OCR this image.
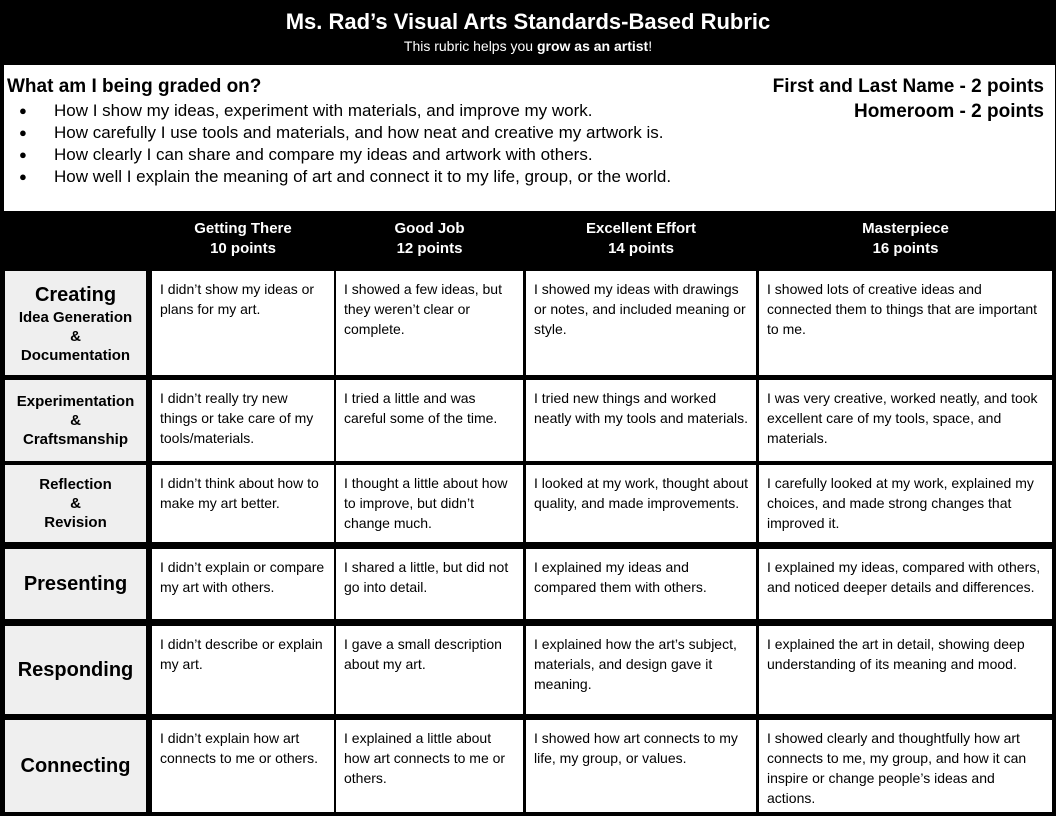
Ms. Rad’s Visual Arts Standards-Based Rubric
This rubric helps you grow as an artist!
What am I being graded on?
● How I show my ideas, experiment with materials, and improve my work.
● How carefully I use tools and materials, and how neat and creative my artwork is.
● How clearly I can share and compare my ideas and artwork with others.
● How well I explain the meaning of art and connect it to my life, group, or the world.
First and Last Name - 2 points
Homeroom - 2 points
Getting There
10 points
Good Job
12 points
Excellent Effort
14 points
Masterpiece
16 points
Creating
Idea Generation
&
Documentation
I didn’t show my ideas or plans for my art.
I showed a few ideas, but they weren’t clear or complete.
I showed my ideas with drawings or notes, and included meaning or style.
I showed lots of creative ideas and connected them to things that are important to me.
Experimentation
&
Craftsmanship
I didn’t really try new things or take care of my tools/materials.
I tried a little and was careful some of the time.
I tried new things and worked neatly with my tools and materials.
I was very creative, worked neatly, and took excellent care of my tools, space, and materials.
Reflection
&
Revision
I didn’t think about how to make my art better.
I thought a little about how to improve, but didn’t change much.
I looked at my work, thought about quality, and made improvements.
I carefully looked at my work, explained my choices, and made strong changes that improved it.
Presenting
I didn’t explain or compare my art with others.
I shared a little, but did not go into detail.
I explained my ideas and compared them with others.
I explained my ideas, compared with others, and noticed deeper details and differences.
Responding
I didn’t describe or explain my art.
I gave a small description about my art.
I explained how the art’s subject, materials, and design gave it meaning.
I explained the art in detail, showing deep understanding of its meaning and mood.
Connecting
I didn’t explain how art connects to me or others.
I explained a little about how art connects to me or others.
I showed how art connects to my life, my group, or values.
I showed clearly and thoughtfully how art connects to me, my group, and how it can inspire or change people’s ideas and actions.
